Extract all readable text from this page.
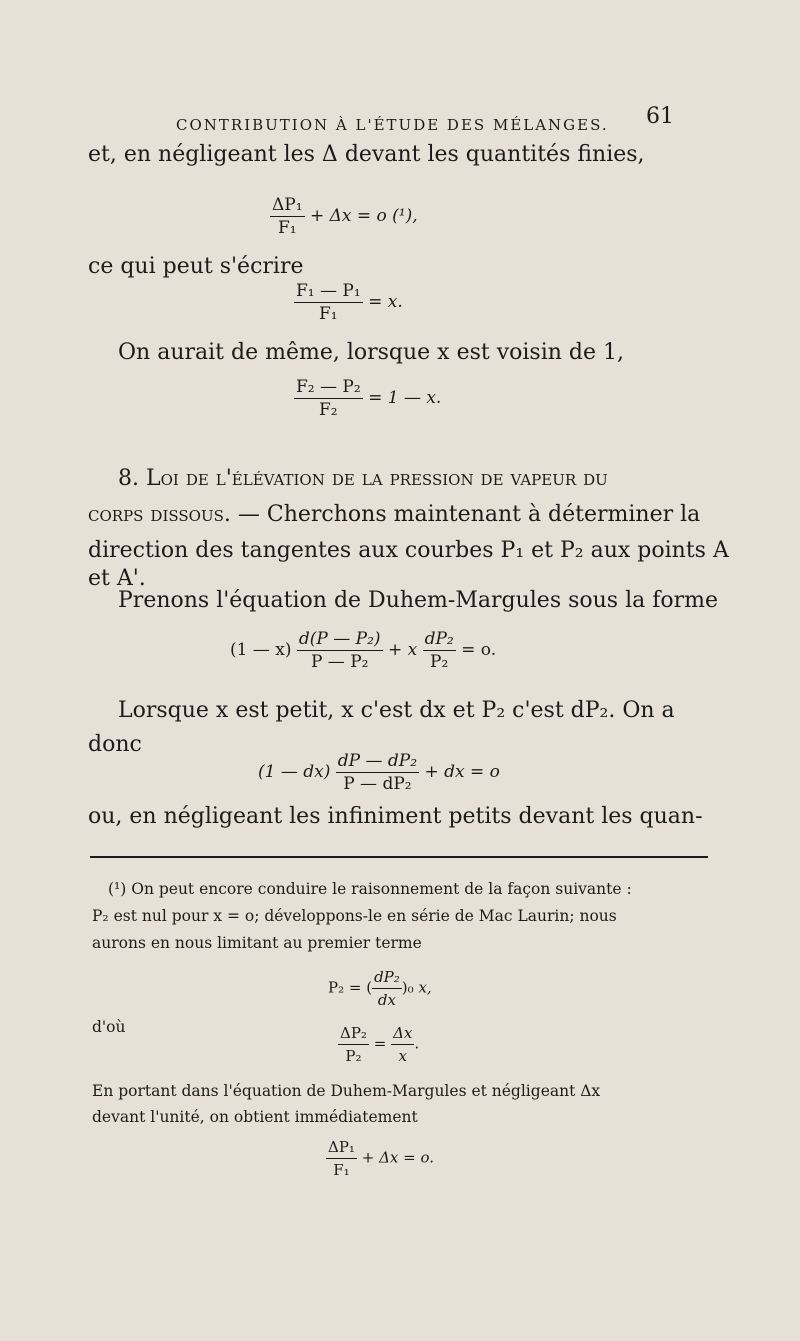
CONTRIBUTION À L'ÉTUDE DES MÉLANGES. 61
et, en négligeant les Δ devant les quantités finies,
$\frac{\text{ΔP₁}}{\text{F₁}} + \Delta x = o$ (¹),
ce qui peut s'écrire
$\frac{\text{F₁ — P₁}}{\text{F₁}} = x$.
On aurait de même, lorsque x est voisin de 1,
$\frac{\text{F₂ — P₂}}{\text{F₂}} = 1$ — x.
8. Loi de l'élévation de la pression de vapeur du
corps dissous. — Cherchons maintenant à déterminer la
direction des tangentes aux courbes P₁ et P₂ aux points A
et A'.
Prenons l'équation de Duhem-Margules sous la forme
(1 — $x) \frac{\text{d(P — P₂)}}{\text{P — P₂}} + x \frac{\text{dP₂}}{\text{P₂}} = o$.
Lorsque x est petit, x c'est dx et P₂ c'est dP₂. On a
donc
(1 — $dx) \frac{\text{dP — dP₂}}{\text{P — dP₂}}$ + dx = o
ou, en négligeant les infiniment petits devant les quan-
(¹) On peut encore conduire le raisonnement de la façon suivante :
P₂ est nul pour x = o; développons-le en série de Mac Laurin; nous
aurons en nous limitant au premier terme
P₂ = ( $\frac{\text{dP₂}}{dx} )_0$ x,
d'où	$\frac{\text{ΔP₂}}{\text{P₂}} = \frac{\Delta x}{x}$ .
En portant dans l'équation de Duhem-Margules et négligeant Δx
devant l'unité, on obtient immédiatement
$\frac{\text{ΔP₁}}{\text{F₁}} + \Delta x = o$.
